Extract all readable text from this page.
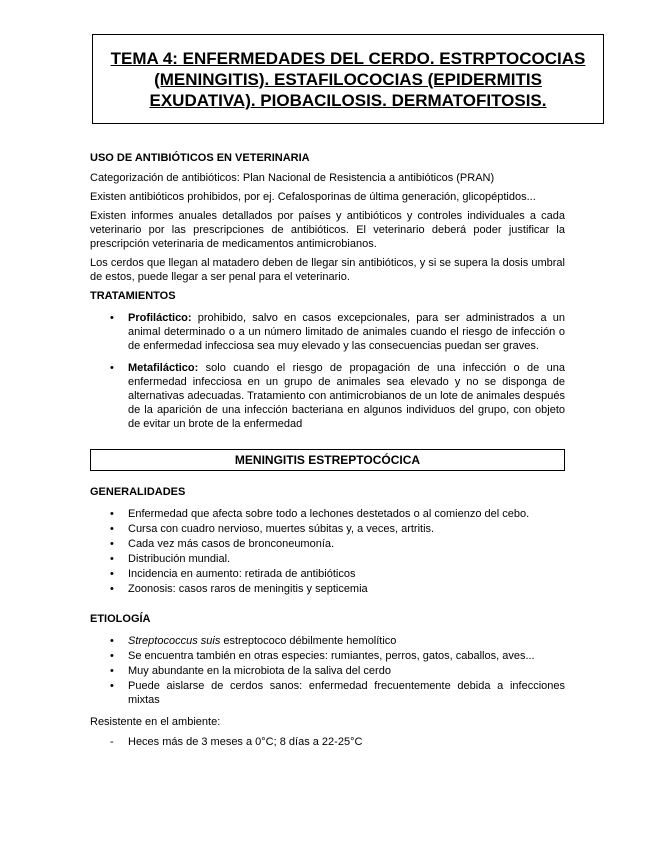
TEMA 4: ENFERMEDADES DEL CERDO. ESTRPTOCOCIAS (MENINGITIS). ESTAFILOCOCIAS (EPIDERMITIS EXUDATIVA). PIOBACILOSIS. DERMATOFITOSIS.

USO DE ANTIBIÓTICOS EN VETERINARIA

Categorización de antibióticos: Plan Nacional de Resistencia a antibióticos (PRAN)

Existen antibióticos prohibidos, por ej. Cefalosporinas de última generación, glicopéptidos...

Existen informes anuales detallados por países y antibióticos y controles individuales a cada veterinario por las prescripciones de antibióticos. El veterinario deberá poder justificar la prescripción veterinaria de medicamentos antimicrobianos.

Los cerdos que llegan al matadero deben de llegar sin antibióticos, y si se supera la dosis umbral de estos, puede llegar a ser penal para el veterinario.

TRATAMIENTOS

• Profiláctico: prohibido, salvo en casos excepcionales, para ser administrados a un animal determinado o a un número limitado de animales cuando el riesgo de infección o de enfermedad infecciosa sea muy elevado y las consecuencias puedan ser graves.
• Metafiláctico: solo cuando el riesgo de propagación de una infección o de una enfermedad infecciosa en un grupo de animales sea elevado y no se disponga de alternativas adecuadas. Tratamiento con antimicrobianos de un lote de animales después de la aparición de una infección bacteriana en algunos individuos del grupo, con objeto de evitar un brote de la enfermedad
MENINGITIS ESTREPTOCÓCICA

GENERALIDADES

• Enfermedad que afecta sobre todo a lechones destetados o al comienzo del cebo.
• Cursa con cuadro nervioso, muertes súbitas y, a veces, artritis.
• Cada vez más casos de bronconeumonía.
• Distribución mundial.
• Incidencia en aumento: retirada de antibióticos
• Zoonosis: casos raros de meningitis y septicemia

ETIOLOGÍA

• Streptococcus suis estreptococo débilmente hemolítico
• Se encuentra también en otras especies: rumiantes, perros, gatos, caballos, aves...
• Muy abundante en la microbiota de la saliva del cerdo
• Puede aislarse de cerdos sanos: enfermedad frecuentemente debida a infecciones mixtas

Resistente en el ambiente:

- Heces más de 3 meses a 0°C; 8 días a 22-25°C
